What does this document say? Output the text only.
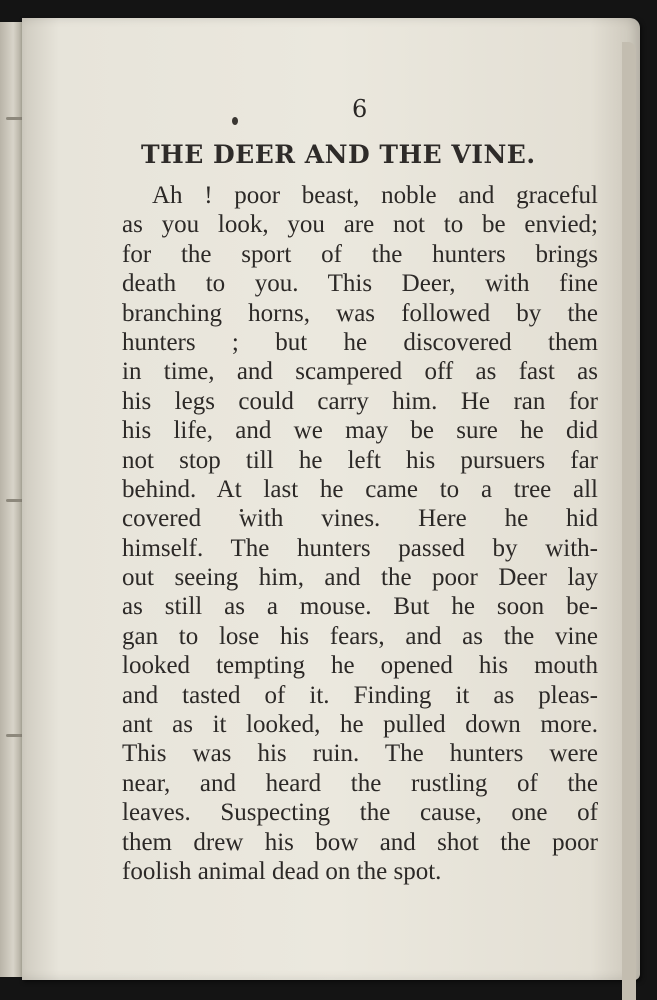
6
THE DEER AND THE VINE.
Ah ! poor beast, noble and graceful
as you look, you are not to be envied;
for the sport of the hunters brings
death to you. This Deer, with fine
branching horns, was followed by the
hunters ; but he discovered them
in time, and scampered off as fast as
his legs could carry him. He ran for
his life, and we may be sure he did
not stop till he left his pursuers far
behind. At last he came to a tree all
covered with vines. Here he hid
himself. The hunters passed by with-
out seeing him, and the poor Deer lay
as still as a mouse. But he soon be-
gan to lose his fears, and as the vine
looked tempting he opened his mouth
and tasted of it. Finding it as pleas-
ant as it looked, he pulled down more.
This was his ruin. The hunters were
near, and heard the rustling of the
leaves. Suspecting the cause, one of
them drew his bow and shot the poor
foolish animal dead on the spot.
